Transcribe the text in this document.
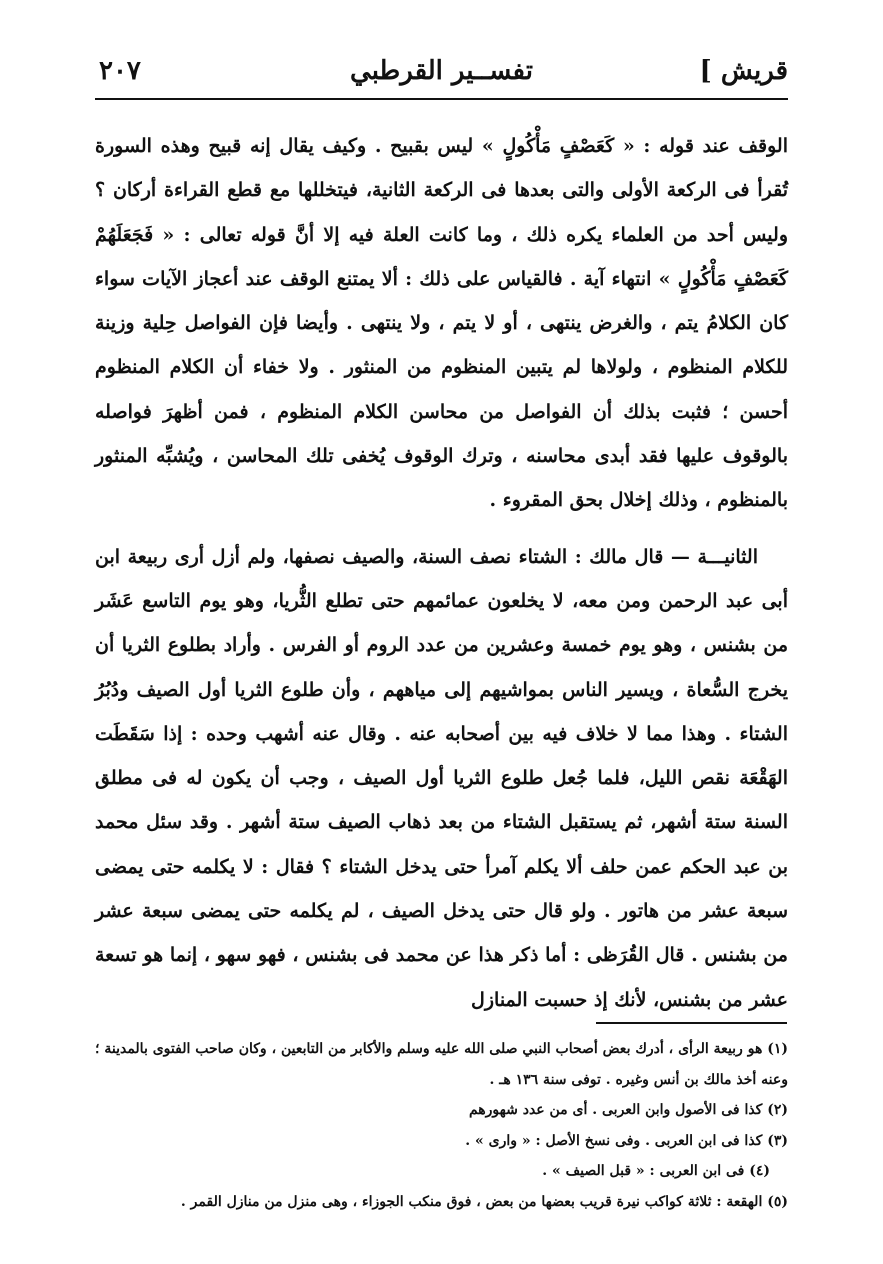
٢٠٧	تفســير القرطبي	قريش ]

الوقف عند قوله : « كَعَصْفٍ مَأْكُولٍ » ليس بقبيح . وكيف يقال إنه قبيح وهذه السورة تُقرأ فى الركعة الأولى والتى بعدها فى الركعة الثانية، فيتخللها مع قطع القراءة أركان ؟ وليس أحد من العلماء يكره ذلك ، وما كانت العلة فيه إلا أنَّ قوله تعالى : « فَجَعَلَهُمْ كَعَصْفٍ مَأْكُولٍ » انتهاء آية . فالقياس على ذلك : ألا يمتنع الوقف عند أعجاز الآيات سواء كان الكلامُ يتم ، والغرض ينتهى ، أو لا يتم ، ولا ينتهى . وأيضا فإن الفواصل حِلية وزينة للكلام المنظوم ، ولولاها لم يتبين المنظوم من المنثور . ولا خفاء أن الكلام المنظوم أحسن ؛ فثبت بذلك أن الفواصل من محاسن الكلام المنظوم ، فمن أظهرَ فواصله بالوقوف عليها فقد أبدى محاسنه ، وترك الوقوف يُخفى تلك المحاسن ، ويُشبِّه المنثور بالمنظوم ، وذلك إخلال بحق المقروء .

الثانيـــة — قال مالك : الشتاء نصف السنة، والصيف نصفها، ولم أزل أرى ربيعة ابن أبى عبد الرحمن ومن معه، لا يخلعون عمائمهم حتى تطلع الثُّريا، وهو يوم التاسع عَشَر من بشنس ، وهو يوم خمسة وعشرين من عدد الروم أو الفرس . وأراد بطلوع الثريا أن يخرج السُّعاة ، ويسير الناس بمواشيهم إلى مياههم ، وأن طلوع الثريا أول الصيف ودُبُرُ الشتاء . وهذا مما لا خلاف فيه بين أصحابه عنه . وقال عنه أشهب وحده : إذا سَقَطَت الهَقْعَة نقص الليل، فلما جُعل طلوع الثريا أول الصيف ، وجب أن يكون له فى مطلق السنة ستة أشهر، ثم يستقبل الشتاء من بعد ذهاب الصيف ستة أشهر . وقد سئل محمد بن عبد الحكم عمن حلف ألا يكلم آمرأ حتى يدخل الشتاء ؟ فقال : لا يكلمه حتى يمضى سبعة عشر من هاتور . ولو قال حتى يدخل الصيف ، لم يكلمه حتى يمضى سبعة عشر من بشنس . قال القُرَظى : أما ذكر هذا عن محمد فى بشنس ، فهو سهو ، إنما هو تسعة عشر من بشنس، لأنك إذ حسبت المنازل

(١) هو ربيعة الرأى ، أدرك بعض أصحاب النبي صلى الله عليه وسلم والأكابر من التابعين ، وكان صاحب الفتوى بالمدينة ؛ وعنه أخذ مالك بن أنس وغيره . توفى سنة ١٣٦ هـ .

(٢) كذا فى الأصول وابن العربى . أى من عدد شهورهم

(٣) كذا فى ابن العربى . وفى نسخ الأصل : « وارى » .

(٤) فى ابن العربى : « قبل الصيف » .

(٥) الهقعة : ثلاثة كواكب نيرة قريب بعضها من بعض ، فوق منكب الجوزاء ، وهى منزل من منازل القمر .
